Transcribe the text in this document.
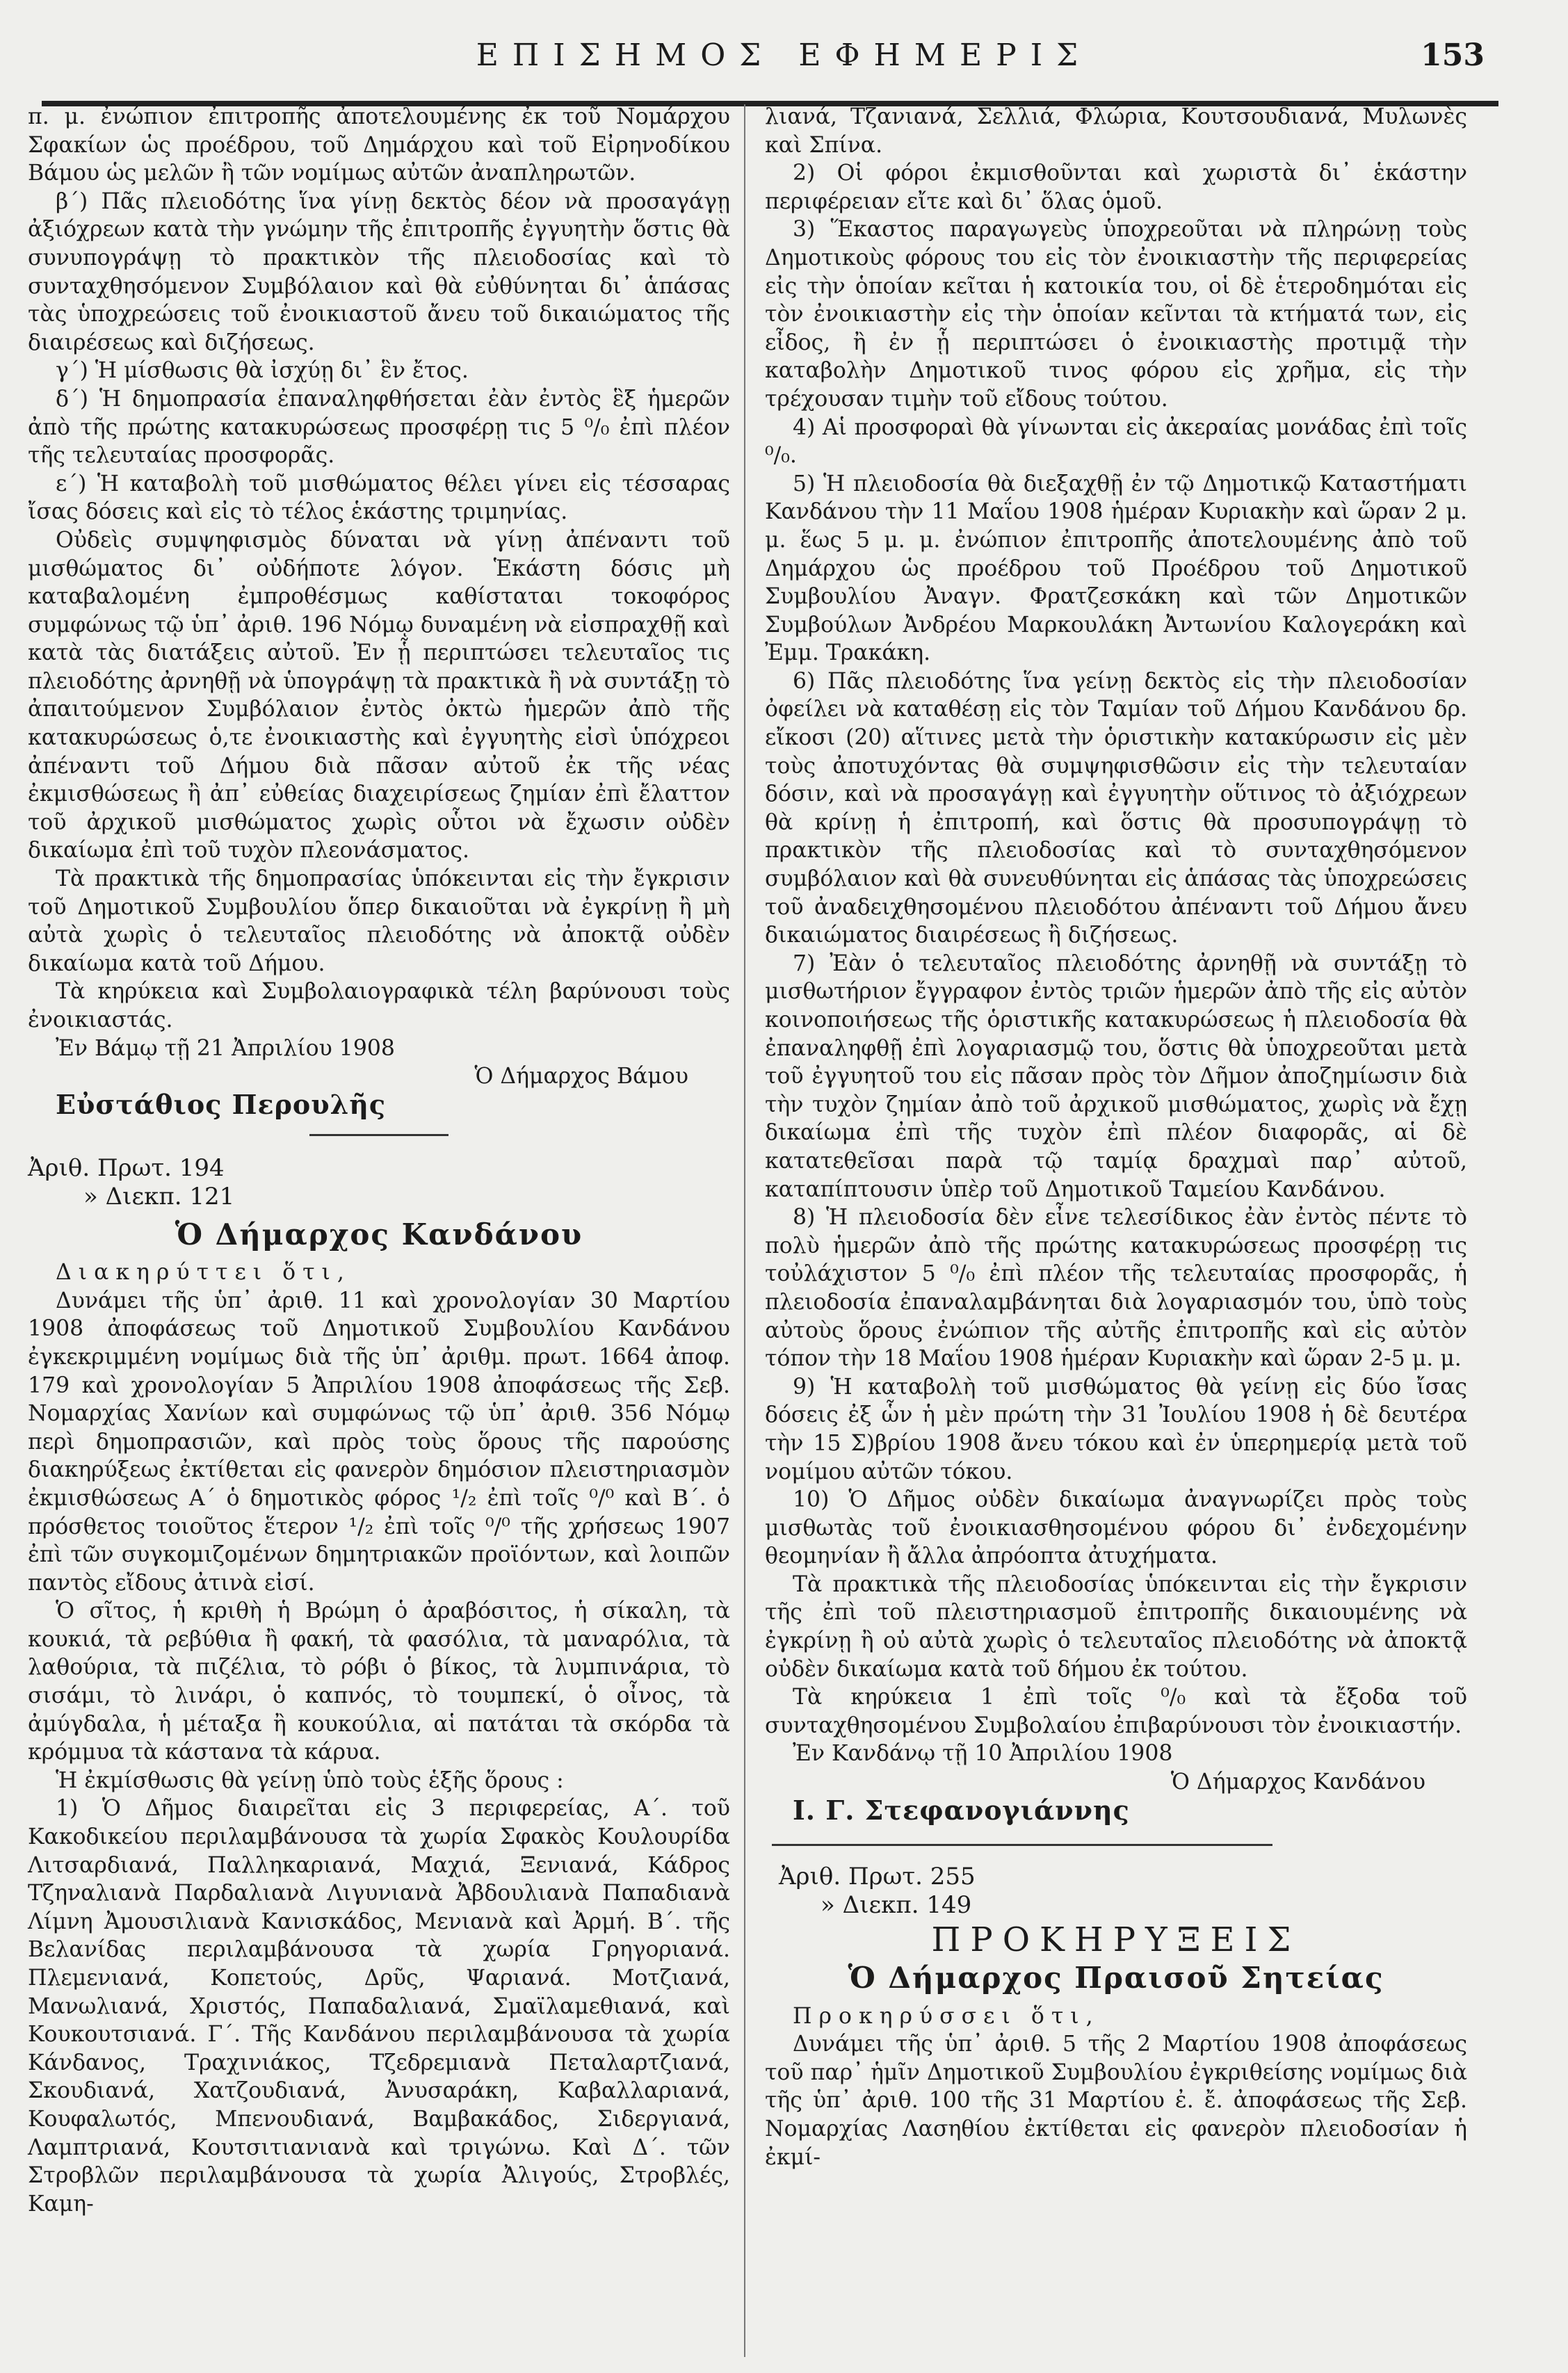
ΕΠΙΣΗΜΟΣ ΕΦΗΜΕΡΙΣ	153

π. μ. ἐνώπιον ἐπιτροπῆς ἀποτελουμένης ἐκ τοῦ Νομάρχου Σφακίων ὡς προέδρου, τοῦ Δημάρχου καὶ τοῦ Εἰρηνοδίκου Βάμου ὡς μελῶν ἢ τῶν νομίμως αὐτῶν ἀναπληρωτῶν.

β´) Πᾶς πλειοδότης ἵνα γίνῃ δεκτὸς δέον νὰ προσαγάγῃ ἀξιόχρεων κατὰ τὴν γνώμην τῆς ἐπιτροπῆς ἐγγυητὴν ὅστις θὰ συνυπογράψῃ τὸ πρακτικὸν τῆς πλειοδοσίας καὶ τὸ συνταχθησόμενον Συμβόλαιον καὶ θὰ εὐθύνηται δι᾽ ἁπάσας τὰς ὑποχρεώσεις τοῦ ἐνοικιαστοῦ ἄνευ τοῦ δικαιώματος τῆς διαιρέσεως καὶ διζήσεως.

γ´) Ἡ μίσθωσις θὰ ἰσχύῃ δι᾽ ἓν ἔτος.

δ´) Ἡ δημοπρασία ἐπαναληφθήσεται ἐὰν ἐντὸς ἓξ ἡμερῶν ἀπὸ τῆς πρώτης κατακυρώσεως προσφέρῃ τις 5 ⁰/₀ ἐπὶ πλέον τῆς τελευταίας προσφορᾶς.

ε´) Ἡ καταβολὴ τοῦ μισθώματος θέλει γίνει εἰς τέσσαρας ἴσας δόσεις καὶ εἰς τὸ τέλος ἑκάστης τριμηνίας.

Οὐδεὶς συμψηφισμὸς δύναται νὰ γίνῃ ἀπέναντι τοῦ μισθώματος δι᾽ οὐδήποτε λόγον. Ἑκάστη δόσις μὴ καταβαλομένη ἐμπροθέσμως καθίσταται τοκοφόρος συμφώνως τῷ ὑπ᾽ ἀριθ. 196 Νόμῳ δυναμένη νὰ εἰσπραχθῇ καὶ κατὰ τὰς διατάξεις αὐτοῦ. Ἐν ᾗ περιπτώσει τελευταῖος τις πλειοδότης ἀρνηθῇ νὰ ὑπογράψῃ τὰ πρακτικὰ ἢ νὰ συντάξῃ τὸ ἀπαιτούμενον Συμβόλαιον ἐντὸς ὀκτὼ ἡμερῶν ἀπὸ τῆς κατακυρώσεως ὁ,τε ἐνοικιαστὴς καὶ ἐγγυητὴς εἰσὶ ὑπόχρεοι ἀπέναντι τοῦ Δήμου διὰ πᾶσαν αὐτοῦ ἐκ τῆς νέας ἐκμισθώσεως ἢ ἀπ᾽ εὐθείας διαχειρίσεως ζημίαν ἐπὶ ἔλαττον τοῦ ἀρχικοῦ μισθώματος χωρὶς οὗτοι νὰ ἔχωσιν οὐδὲν δικαίωμα ἐπὶ τοῦ τυχὸν πλεονάσματος.

Τὰ πρακτικὰ τῆς δημοπρασίας ὑπόκεινται εἰς τὴν ἔγκρισιν τοῦ Δημοτικοῦ Συμβουλίου ὅπερ δικαιοῦται νὰ ἐγκρίνῃ ἢ μὴ αὐτὰ χωρὶς ὁ τελευταῖος πλειοδότης νὰ ἀποκτᾷ οὐδὲν δικαίωμα κατὰ τοῦ Δήμου.

Τὰ κηρύκεια καὶ Συμβολαιογραφικὰ τέλη βαρύνουσι τοὺς ἐνοικιαστάς.

Ἐν Βάμῳ τῇ 21 Ἀπριλίου 1908

Ὁ Δήμαρχος Βάμου

Εὐστάθιος Περουλῆς

Ἀριθ. Πρωτ. 194

» Διεκπ. 121

Ὁ Δήμαρχος Κανδάνου

Διακηρύττει ὅτι,

Δυνάμει τῆς ὑπ᾽ ἀριθ. 11 καὶ χρονολογίαν 30 Μαρτίου 1908 ἀποφάσεως τοῦ Δημοτικοῦ Συμβουλίου Κανδάνου ἐγκεκριμμένη νομίμως διὰ τῆς ὑπ᾽ ἀριθμ. πρωτ. 1664 ἀποφ. 179 καὶ χρονολογίαν 5 Ἀπριλίου 1908 ἀποφάσεως τῆς Σεβ. Νομαρχίας Χανίων καὶ συμφώνως τῷ ὑπ᾽ ἀριθ. 356 Νόμῳ περὶ δημοπρασιῶν, καὶ πρὸς τοὺς ὅρους τῆς παρούσης διακηρύξεως ἐκτίθεται εἰς φανερὸν δημόσιον πλειστηριασμὸν ἐκμισθώσεως Α´ ὁ δημοτικὸς φόρος ¹/₂ ἐπὶ τοῖς ⁰/⁰ καὶ Β´. ὁ πρόσθετος τοιοῦτος ἕτερον ¹/₂ ἐπὶ τοῖς ⁰/⁰ τῆς χρήσεως 1907 ἐπὶ τῶν συγκομιζομένων δημητριακῶν προϊόντων, καὶ λοιπῶν παντὸς εἴδους ἀτινὰ εἰσί.

Ὁ σῖτος, ἡ κριθὴ ἡ Βρώμη ὁ ἀραβόσιτος, ἡ σίκαλη, τὰ κουκιά, τὰ ρεβύθια ἢ φακή, τὰ φασόλια, τὰ μαναρόλια, τὰ λαθούρια, τὰ πιζέλια, τὸ ρόβι ὁ βίκος, τὰ λυμπινάρια, τὸ σισάμι, τὸ λινάρι, ὁ καπνός, τὸ τουμπεκί, ὁ οἶνος, τὰ ἀμύγδαλα, ἡ μέταξα ἢ κουκούλια, αἱ πατάται τὰ σκόρδα τὰ κρόμμυα τὰ κάστανα τὰ κάρυα.

Ἡ ἐκμίσθωσις θὰ γείνῃ ὑπὸ τοὺς ἑξῆς ὅρους :

1) Ὁ Δῆμος διαιρεῖται εἰς 3 περιφερείας, Α´. τοῦ Κακοδικείου περιλαμβάνουσα τὰ χωρία Σφακὸς Κουλουρίδα Λιτσαρδιανά, Παλληκαριανά, Μαχιά, Ξενιανά, Κάδρος Τζηναλιανὰ Παρδαλιανὰ Λιγυνιανὰ Ἀβδουλιανὰ Παπαδιανὰ Λίμνη Ἀμουσιλιανὰ Κανισκάδος, Μενιανὰ καὶ Ἀρμή. Β´. τῆς Βελανίδας περιλαμβάνουσα τὰ χωρία Γρηγοριανά. Πλεμενιανά, Κοπετούς, Δρῦς, Ψαριανά. Μοτζιανά, Μανωλιανά, Χριστός, Παπαδαλιανά, Σμαϊλαμεθιανά, καὶ Κουκουτσιανά. Γ´. Τῆς Κανδάνου περιλαμβάνουσα τὰ χωρία Κάνδανος, Τραχινιάκος, Τζεδρεμιανὰ Πεταλαρτζιανά, Σκουδιανά, Χατζουδιανά, Ἀνυσαράκη, Καβαλλαριανά, Κουφαλωτός, Μπενουδιανά, Βαμβακάδος, Σιδεργιανά, Λαμπτριανά, Κουτσιτιανιανὰ καὶ τριγώνω. Καὶ Δ´. τῶν Στροβλῶν περιλαμβάνουσα τὰ χωρία Ἀλιγούς, Στροβλές, Καμη-

λιανά, Τζανιανά, Σελλιά, Φλώρια, Κουτσουδιανά, Μυλωνὲς καὶ Σπίνα.

2) Οἱ φόροι ἐκμισθοῦνται καὶ χωριστὰ δι᾽ ἑκάστην περιφέρειαν εἴτε καὶ δι᾽ ὅλας ὁμοῦ.

3) Ἕκαστος παραγωγεὺς ὑποχρεοῦται νὰ πληρώνῃ τοὺς Δημοτικοὺς φόρους του εἰς τὸν ἐνοικιαστὴν τῆς περιφερείας εἰς τὴν ὁποίαν κεῖται ἡ κατοικία του, οἱ δὲ ἑτεροδημόται εἰς τὸν ἐνοικιαστὴν εἰς τὴν ὁποίαν κεῖνται τὰ κτήματά των, εἰς εἶδος, ἢ ἐν ᾗ περιπτώσει ὁ ἐνοικιαστὴς προτιμᾷ τὴν καταβολὴν Δημοτικοῦ τινος φόρου εἰς χρῆμα, εἰς τὴν τρέχουσαν τιμὴν τοῦ εἴδους τούτου.

4) Αἱ προσφοραὶ θὰ γίνωνται εἰς ἀκεραίας μονάδας ἐπὶ τοῖς ⁰/₀.

5) Ἡ πλειοδοσία θὰ διεξαχθῇ ἐν τῷ Δημοτικῷ Καταστήματι Κανδάνου τὴν 11 Μαΐου 1908 ἡμέραν Κυριακὴν καὶ ὥραν 2 μ. μ. ἕως 5 μ. μ. ἐνώπιον ἐπιτροπῆς ἀποτελουμένης ἀπὸ τοῦ Δημάρχου ὡς προέδρου τοῦ Προέδρου τοῦ Δημοτικοῦ Συμβουλίου Ἀναγν. Φρατζεσκάκη καὶ τῶν Δημοτικῶν Συμβούλων Ἀνδρέου Μαρκουλάκη Ἀντωνίου Καλογεράκη καὶ Ἐμμ. Τρακάκη.

6) Πᾶς πλειοδότης ἵνα γείνῃ δεκτὸς εἰς τὴν πλειοδοσίαν ὀφείλει νὰ καταθέσῃ εἰς τὸν Ταμίαν τοῦ Δήμου Κανδάνου δρ. εἴκοσι (20) αἵτινες μετὰ τὴν ὁριστικὴν κατακύρωσιν εἰς μὲν τοὺς ἀποτυχόντας θὰ συμψηφισθῶσιν εἰς τὴν τελευταίαν δόσιν, καὶ νὰ προσαγάγῃ καὶ ἐγγυητὴν οὕτινος τὸ ἀξιόχρεων θὰ κρίνῃ ἡ ἐπιτροπή, καὶ ὅστις θὰ προσυπογράψῃ τὸ πρακτικὸν τῆς πλειοδοσίας καὶ τὸ συνταχθησόμενον συμβόλαιον καὶ θὰ συνευθύνηται εἰς ἁπάσας τὰς ὑποχρεώσεις τοῦ ἀναδειχθησομένου πλειοδότου ἀπέναντι τοῦ Δήμου ἄνευ δικαιώματος διαιρέσεως ἢ διζήσεως.

7) Ἐὰν ὁ τελευταῖος πλειοδότης ἀρνηθῇ νὰ συντάξῃ τὸ μισθωτήριον ἔγγραφον ἐντὸς τριῶν ἡμερῶν ἀπὸ τῆς εἰς αὐτὸν κοινοποιήσεως τῆς ὁριστικῆς κατακυρώσεως ἡ πλειοδοσία θὰ ἐπαναληφθῇ ἐπὶ λογαριασμῷ του, ὅστις θὰ ὑποχρεοῦται μετὰ τοῦ ἐγγυητοῦ του εἰς πᾶσαν πρὸς τὸν Δῆμον ἀποζημίωσιν διὰ τὴν τυχὸν ζημίαν ἀπὸ τοῦ ἀρχικοῦ μισθώματος, χωρὶς νὰ ἔχῃ δικαίωμα ἐπὶ τῆς τυχὸν ἐπὶ πλέον διαφορᾶς, αἱ δὲ κατατεθεῖσαι παρὰ τῷ ταμίᾳ δραχμαὶ παρ᾽ αὐτοῦ, καταπίπτουσιν ὑπὲρ τοῦ Δημοτικοῦ Ταμείου Κανδάνου.

8) Ἡ πλειοδοσία δὲν εἶνε τελεσίδικος ἐὰν ἐντὸς πέντε τὸ πολὺ ἡμερῶν ἀπὸ τῆς πρώτης κατακυρώσεως προσφέρῃ τις τοὐλάχιστον 5 ⁰/₀ ἐπὶ πλέον τῆς τελευταίας προσφορᾶς, ἡ πλειοδοσία ἐπαναλαμβάνηται διὰ λογαριασμόν του, ὑπὸ τοὺς αὐτοὺς ὅρους ἐνώπιον τῆς αὐτῆς ἐπιτροπῆς καὶ εἰς αὐτὸν τόπον τὴν 18 Μαΐου 1908 ἡμέραν Κυριακὴν καὶ ὥραν 2-5 μ. μ.

9) Ἡ καταβολὴ τοῦ μισθώματος θὰ γείνῃ εἰς δύο ἴσας δόσεις ἐξ ὧν ἡ μὲν πρώτη τὴν 31 Ἰουλίου 1908 ἡ δὲ δευτέρα τὴν 15 Σ)βρίου 1908 ἄνευ τόκου καὶ ἐν ὑπερημερίᾳ μετὰ τοῦ νομίμου αὐτῶν τόκου.

10) Ὁ Δῆμος οὐδὲν δικαίωμα ἀναγνωρίζει πρὸς τοὺς μισθωτὰς τοῦ ἐνοικιασθησομένου φόρου δι᾽ ἐνδεχομένην θεομηνίαν ἢ ἄλλα ἀπρόοπτα ἀτυχήματα.

Τὰ πρακτικὰ τῆς πλειοδοσίας ὑπόκεινται εἰς τὴν ἔγκρισιν τῆς ἐπὶ τοῦ πλειστηριασμοῦ ἐπιτροπῆς δικαιουμένης νὰ ἐγκρίνῃ ἢ οὐ αὐτὰ χωρὶς ὁ τελευταῖος πλειοδότης νὰ ἀποκτᾷ οὐδὲν δικαίωμα κατὰ τοῦ δήμου ἐκ τούτου.

Τὰ κηρύκεια 1 ἐπὶ τοῖς ⁰/₀ καὶ τὰ ἔξοδα τοῦ συνταχθησομένου Συμβολαίου ἐπιβαρύνουσι τὸν ἐνοικιαστήν.

Ἐν Κανδάνῳ τῇ 10 Ἀπριλίου 1908

Ὁ Δήμαρχος Κανδάνου

Ι. Γ. Στεφανογιάννης

Ἀριθ. Πρωτ. 255

» Διεκπ. 149

ΠΡΟΚΗΡΥΞΕΙΣ
Ὁ Δήμαρχος Πραισοῦ Σητείας

Προκηρύσσει ὅτι,

Δυνάμει τῆς ὑπ᾽ ἀριθ. 5 τῆς 2 Μαρτίου 1908 ἀποφάσεως τοῦ παρ᾽ ἡμῖν Δημοτικοῦ Συμβουλίου ἐγκριθείσης νομίμως διὰ τῆς ὑπ᾽ ἀριθ. 100 τῆς 31 Μαρτίου ἐ. ἔ. ἀποφάσεως τῆς Σεβ. Νομαρχίας Λασηθίου ἐκτίθεται εἰς φανερὸν πλειοδοσίαν ἡ ἐκμί-
